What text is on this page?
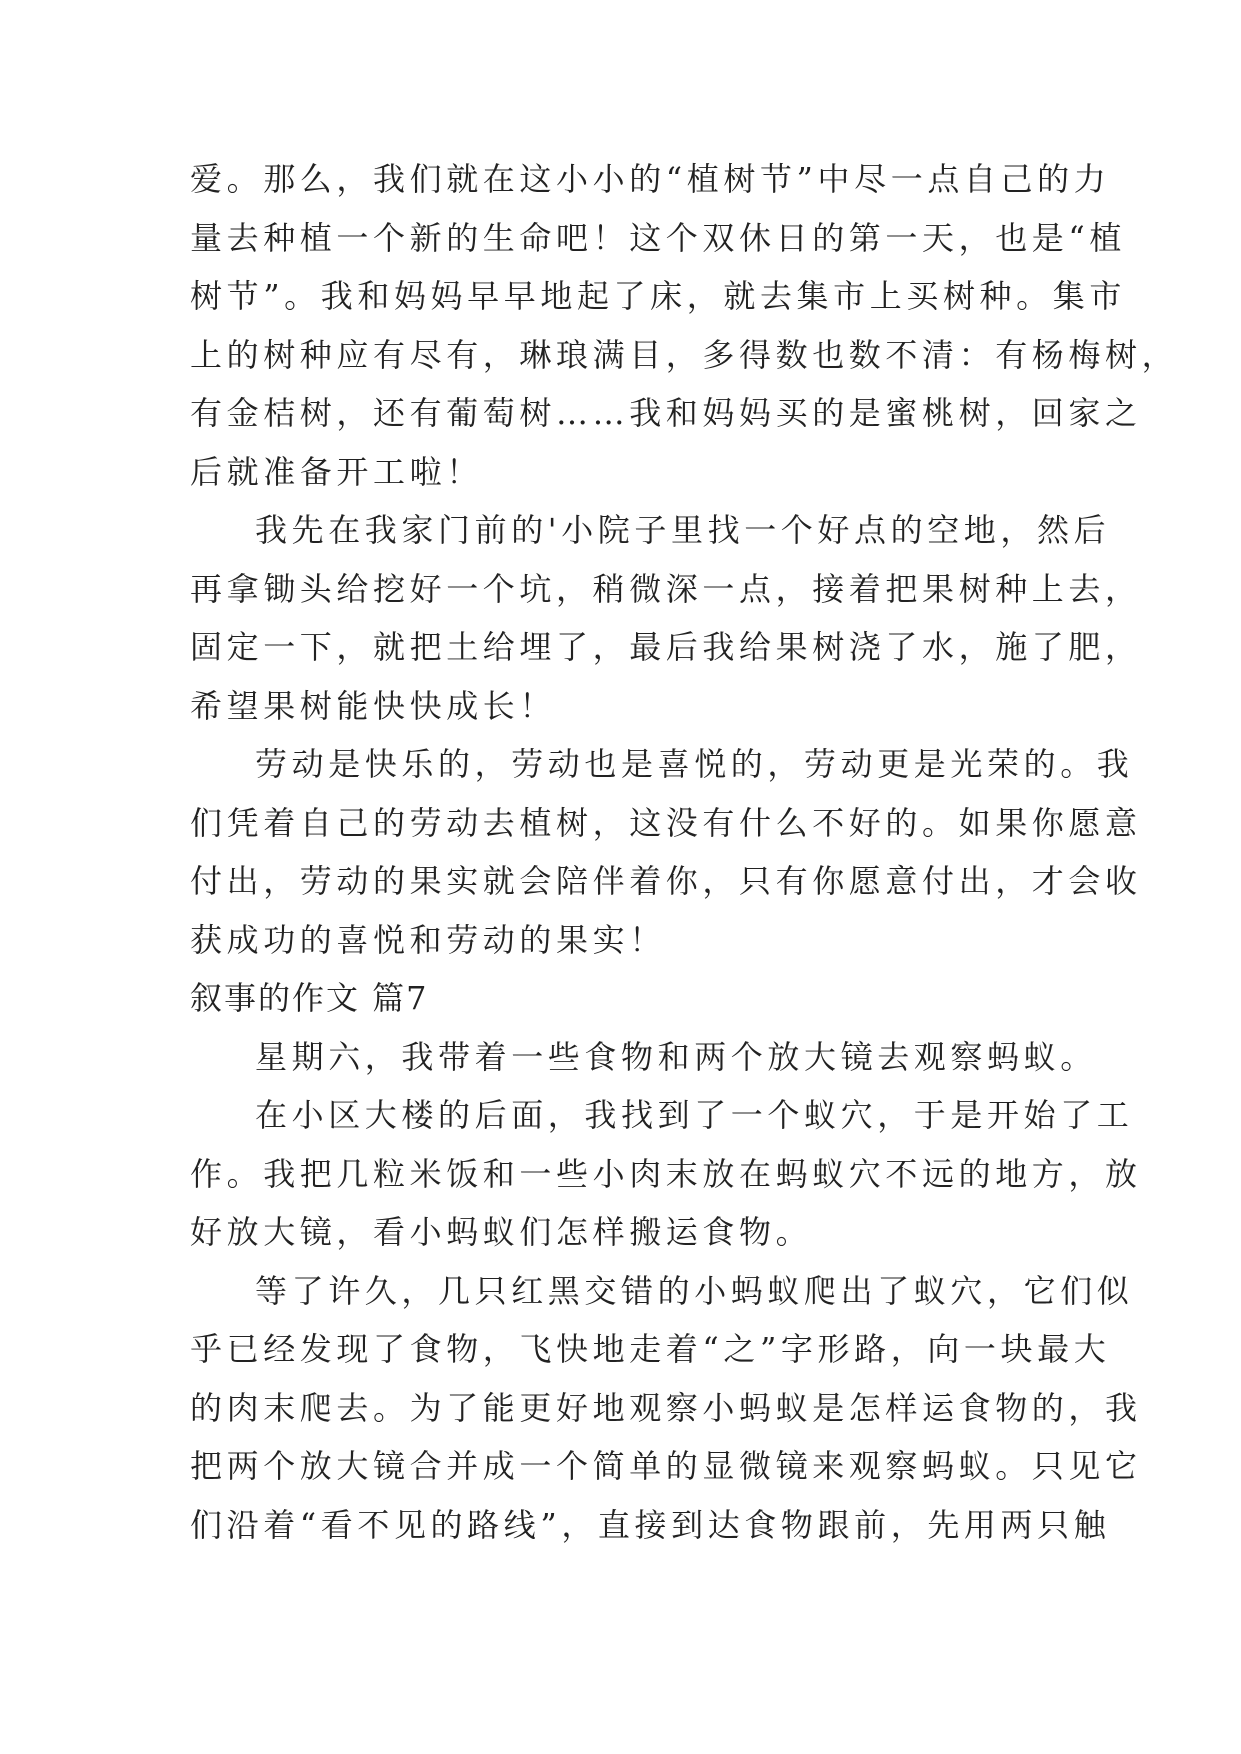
爱。那么，我们就在这小小的“植树节”中尽一点自己的力
量去种植一个新的生命吧！这个双休日的第一天，也是“植
树节”。我和妈妈早早地起了床，就去集市上买树种。集市
上的树种应有尽有，琳琅满目，多得数也数不清：有杨梅树，
有金桔树，还有葡萄树……我和妈妈买的是蜜桃树，回家之
后就准备开工啦！
我先在我家门前的'小院子里找一个好点的空地，然后
再拿锄头给挖好一个坑，稍微深一点，接着把果树种上去，
固定一下，就把土给埋了，最后我给果树浇了水，施了肥，
希望果树能快快成长！
劳动是快乐的，劳动也是喜悦的，劳动更是光荣的。我
们凭着自己的劳动去植树，这没有什么不好的。如果你愿意
付出，劳动的果实就会陪伴着你，只有你愿意付出，才会收
获成功的喜悦和劳动的果实！
叙事的作文 篇7
星期六，我带着一些食物和两个放大镜去观察蚂蚁。
在小区大楼的后面，我找到了一个蚁穴，于是开始了工
作。我把几粒米饭和一些小肉末放在蚂蚁穴不远的地方，放
好放大镜，看小蚂蚁们怎样搬运食物。
等了许久，几只红黑交错的小蚂蚁爬出了蚁穴，它们似
乎已经发现了食物，飞快地走着“之”字形路，向一块最大
的肉末爬去。为了能更好地观察小蚂蚁是怎样运食物的，我
把两个放大镜合并成一个简单的显微镜来观察蚂蚁。只见它
们沿着“看不见的路线”，直接到达食物跟前，先用两只触
